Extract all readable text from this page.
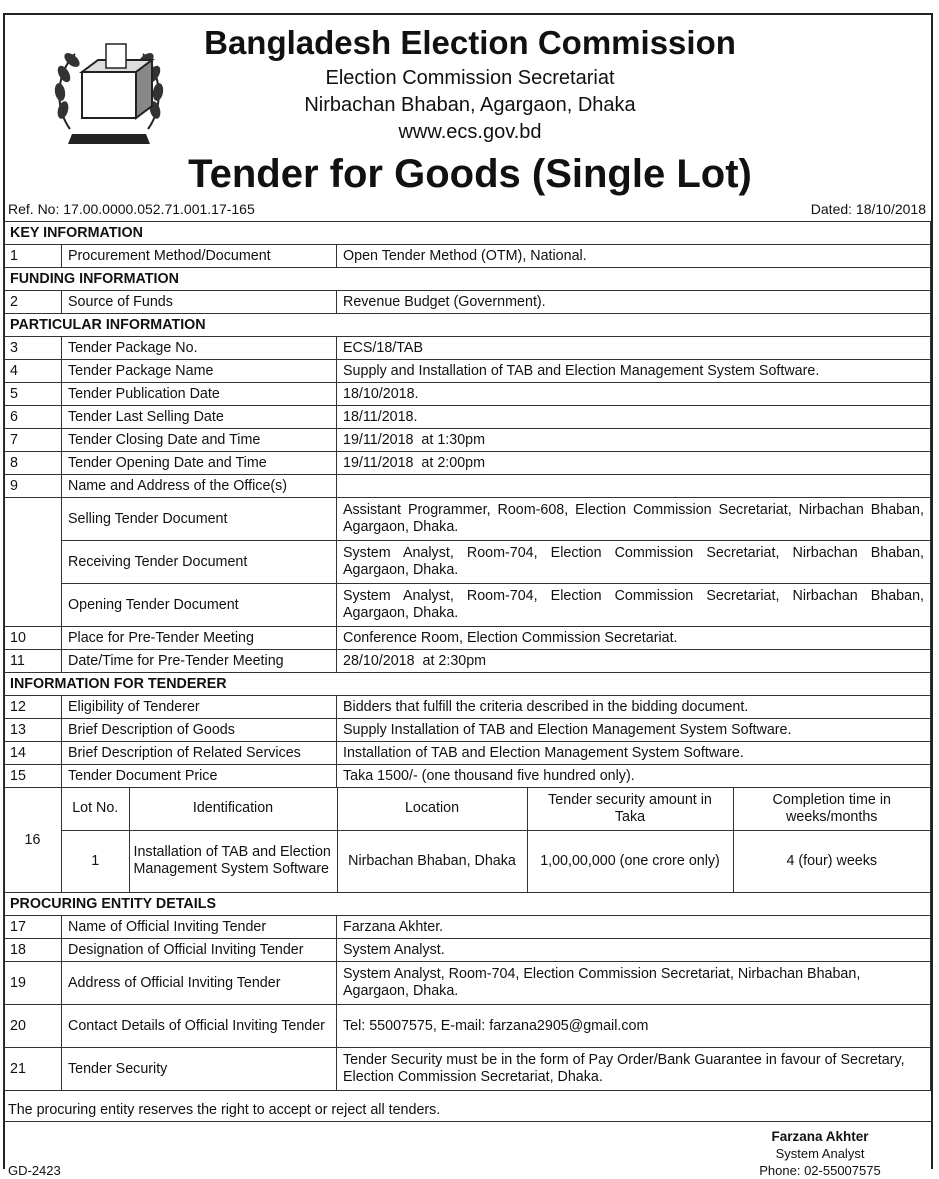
Bangladesh Election Commission
Election Commission Secretariat
Nirbachan Bhaban, Agargaon, Dhaka
www.ecs.gov.bd
Tender for Goods (Single Lot)
Ref. No: 17.00.0000.052.71.001.17-165	Dated: 18/10/2018
KEY INFORMATION
1	Procurement Method/Document	Open Tender Method (OTM), National.
FUNDING INFORMATION
2	Source of Funds	Revenue Budget (Government).
PARTICULAR INFORMATION
3	Tender Package No.	ECS/18/TAB
4	Tender Package Name	Supply and Installation of TAB and Election Management System Software.
5	Tender Publication Date	18/10/2018.
6	Tender Last Selling Date	18/11/2018.
7	Tender Closing Date and Time	19/11/2018  at 1:30pm
8	Tender Opening Date and Time	19/11/2018  at 2:00pm
9	Name and Address of the Office(s)	
	Selling Tender Document	Assistant Programmer, Room-608, Election Commission Secretariat, Nirbachan Bhaban, Agargaon, Dhaka.
Receiving Tender Document	System Analyst, Room-704, Election Commission Secretariat, Nirbachan Bhaban, Agargaon, Dhaka.
Opening Tender Document	System Analyst, Room-704, Election Commission Secretariat, Nirbachan Bhaban, Agargaon, Dhaka.
10	Place for Pre-Tender Meeting	Conference Room, Election Commission Secretariat.
11	Date/Time for Pre-Tender Meeting	28/10/2018  at 2:30pm
INFORMATION FOR TENDERER
12	Eligibility of Tenderer	Bidders that fulfill the criteria described in the bidding document.
13	Brief Description of Goods	Supply Installation of TAB and Election Management System Software.
14	Brief Description of Related Services	Installation of TAB and Election Management System Software.
15	Tender Document Price	Taka 1500/- (one thousand five hundred only).
16	
Lot No.	Identification	Location	Tender security amount in Taka	Completion time in weeks/months
1	Installation of TAB and Election Management System Software	Nirbachan Bhaban, Dhaka	1,00,00,000 (one crore only)	4 (four) weeks

PROCURING ENTITY DETAILS
17	Name of Official Inviting Tender	Farzana Akhter.
18	Designation of Official Inviting Tender	System Analyst.
19	Address of Official Inviting Tender	System Analyst, Room-704, Election Commission Secretariat, Nirbachan Bhaban, Agargaon, Dhaka.
20	Contact Details of Official Inviting Tender	Tel: 55007575, E-mail: farzana2905@gmail.com
21	Tender Security	Tender Security must be in the form of Pay Order/Bank Guarantee in favour of Secretary, Election Commission Secretariat, Dhaka.
The procuring entity reserves the right to accept or reject all tenders.
Farzana Akhter
System Analyst
Phone: 02-55007575
GD-2423
